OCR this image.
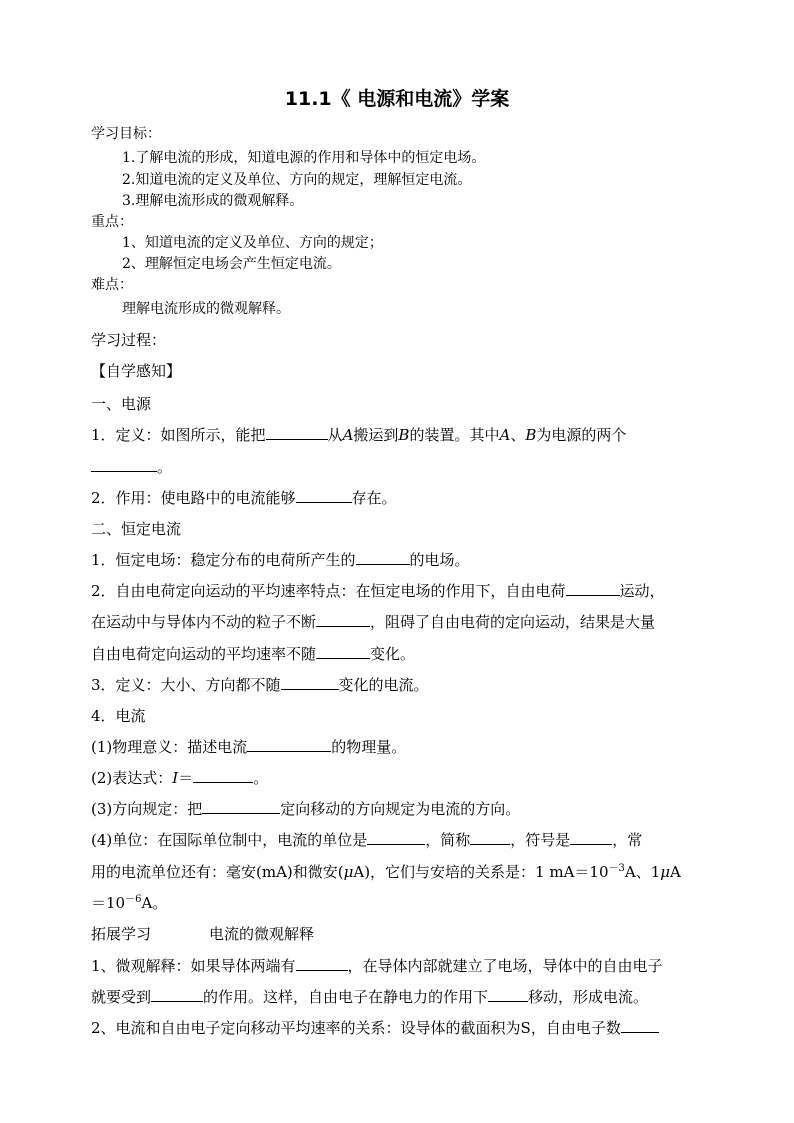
11.1《 电源和电流》学案
学习目标：
1.了解电流的形成，知道电源的作用和导体中的恒定电场。
2.知道电流的定义及单位、方向的规定，理解恒定电流。
3.理解电流形成的微观解释。
重点：
1、知道电流的定义及单位、方向的规定；
2、理解恒定电场会产生恒定电流。
难点：
理解电流形成的微观解释。
学习过程：
【自学感知】
一、电源
1．定义：如图所示，能把	从A搬运到B的装置。其中A、B为电源的两个
。
2．作用：使电路中的电流能够	存在。
二、恒定电流
1．恒定电场：稳定分布的电荷所产生的	的电场。
2．自由电荷定向运动的平均速率特点：在恒定电场的作用下，自由电荷	运动，
在运动中与导体内不动的粒子不断	，阻碍了自由电荷的定向运动，结果是大量
自由电荷定向运动的平均速率不随	变化。
3．定义：大小、方向都不随	变化的电流。
4．电流
(1)物理意义：描述电流	的物理量。
(2)表达式：I＝	。
(3)方向规定：把	定向移动的方向规定为电流的方向。
(4)单位：在国际单位制中，电流的单位是	，简称	，符号是	，常
用的电流单位还有：毫安(mA)和微安(μA)，它们与安培的关系是：1 $mA=10^{-3}A$、1μA
$=10^{-6}A$。
拓展学习	电流的微观解释
1、微观解释：如果导体两端有	，在导体内部就建立了电场，导体中的自由电子
就要受到	的作用。这样，自由电子在静电力的作用下	移动，形成电流。
2、电流和自由电子定向移动平均速率的关系：设导体的截面积为S，自由电子数
